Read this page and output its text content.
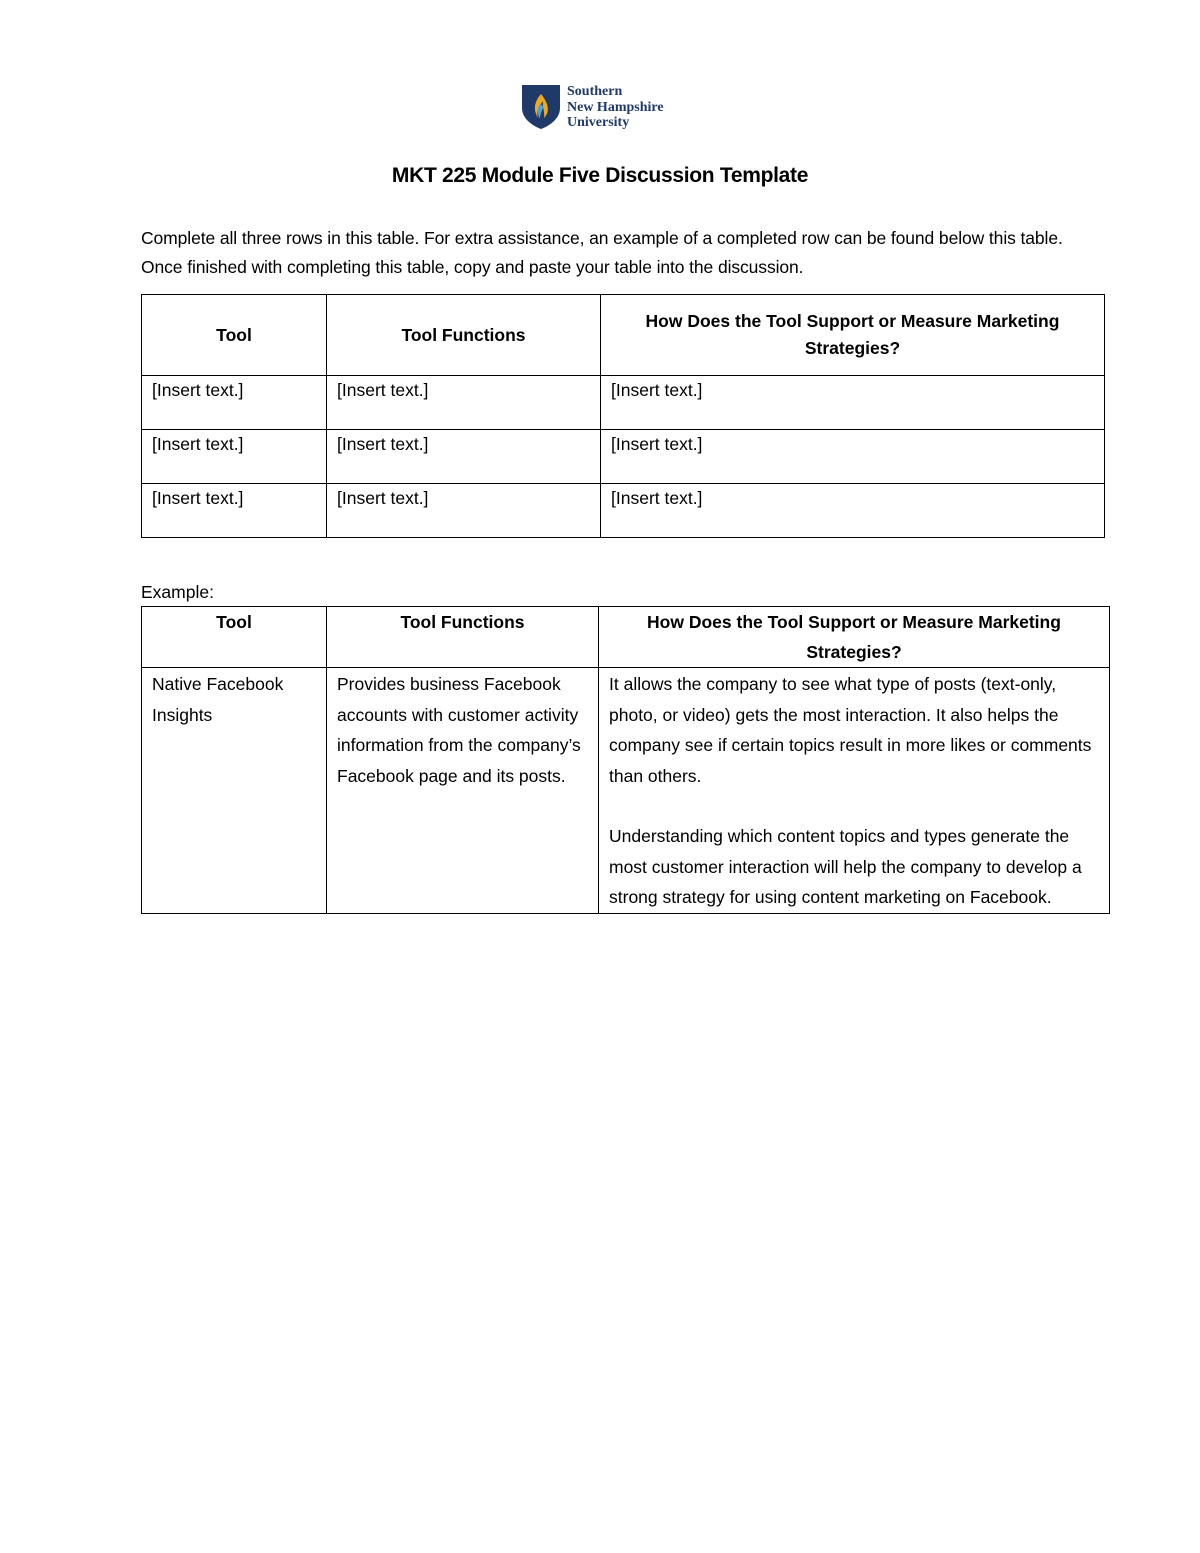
Southern
New Hampshire
University
MKT 225 Module Five Discussion Template
Complete all three rows in this table. For extra assistance, an example of a completed row can be found below this table. Once finished with completing this table, copy and paste your table into the discussion.
Tool	Tool Functions	How Does the Tool Support or Measure Marketing Strategies?
[Insert text.]	[Insert text.]	[Insert text.]
[Insert text.]	[Insert text.]	[Insert text.]
[Insert text.]	[Insert text.]	[Insert text.]
Example:
Tool	Tool Functions	How Does the Tool Support or Measure Marketing Strategies?
Native Facebook Insights	Provides business Facebook accounts with customer activity information from the company’s Facebook page and its posts.	It allows the company to see what type of posts (text-only, photo, or video) gets the most interaction. It also helps the company see if certain topics result in more likes or comments than others.
Understanding which content topics and types generate the most customer interaction will help the company to develop a strong strategy for using content marketing on Facebook.
